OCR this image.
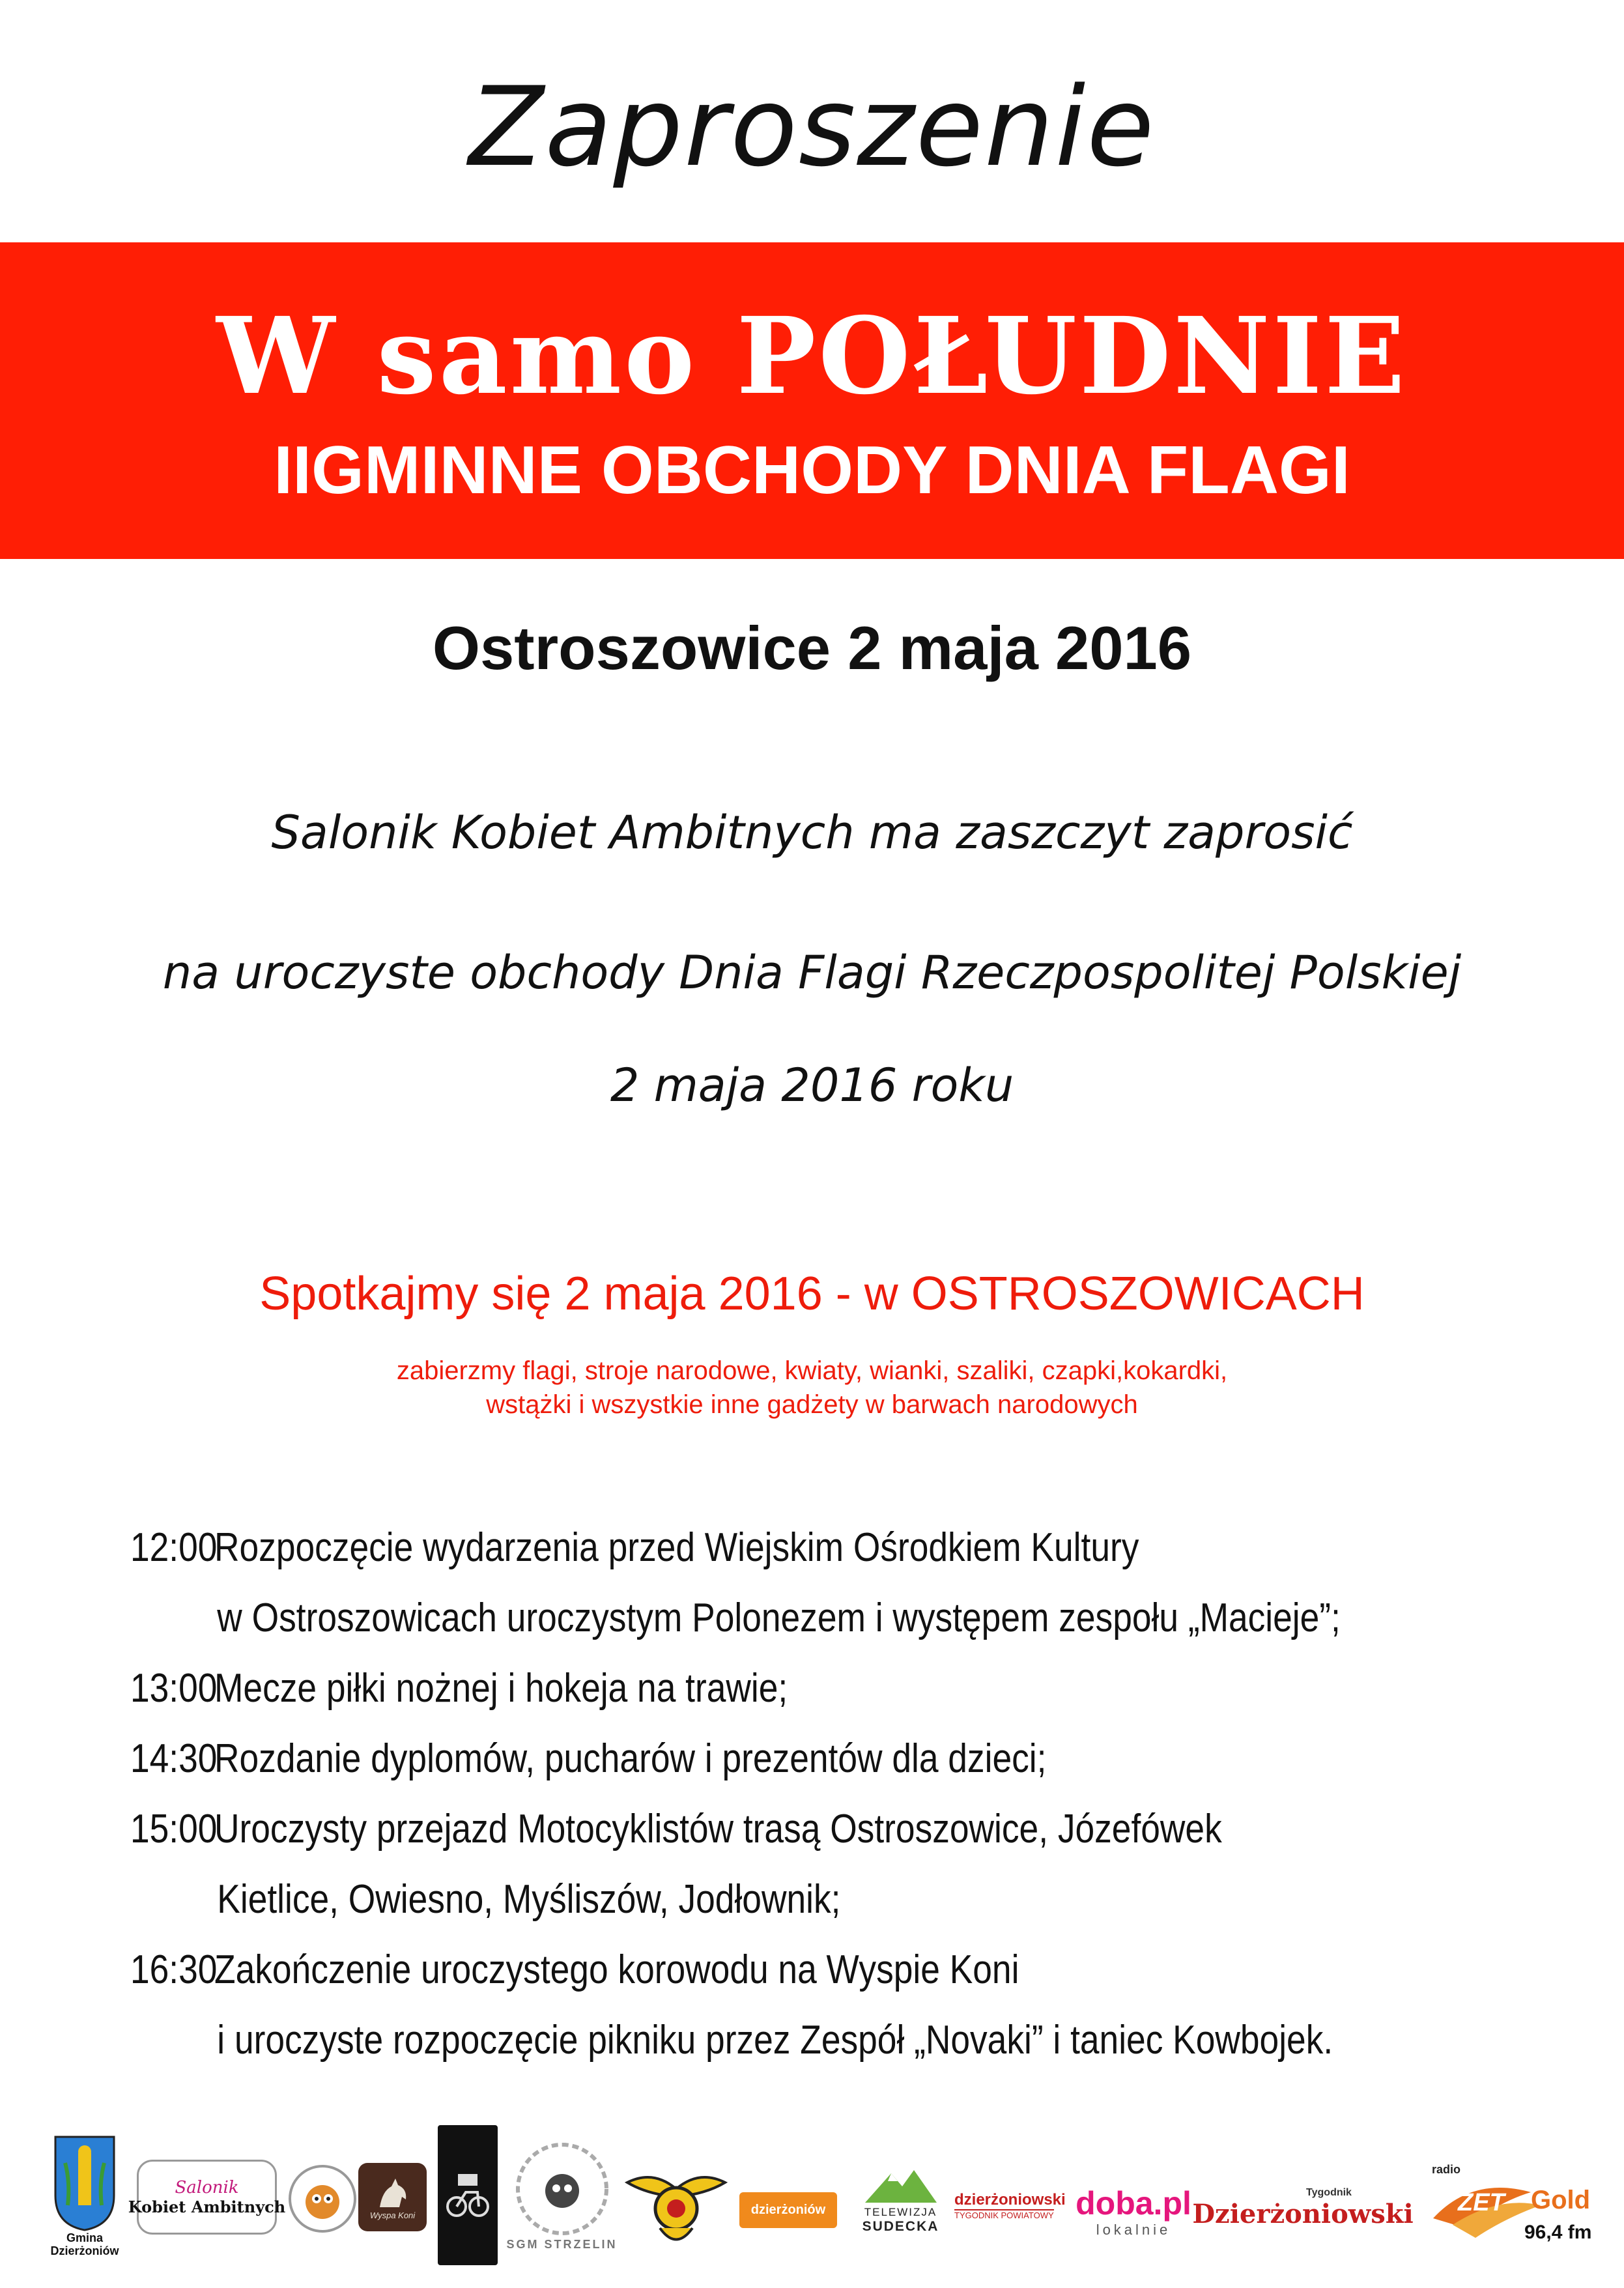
Zaproszenie
W samo POŁUDNIE
IIGMINNE OBCHODY DNIA FLAGI
Ostroszowice 2 maja 2016
Salonik Kobiet Ambitnych ma zaszczyt zaprosić
na uroczyste obchody Dnia Flagi Rzeczpospolitej Polskiej
2 maja 2016 roku
Spotkajmy się 2 maja 2016 - w OSTROSZOWICACH
zabierzmy flagi, stroje narodowe, kwiaty, wianki, szaliki, czapki,kokardki,
wstążki i wszystkie inne gadżety w barwach narodowych
12:00
Rozpoczęcie wydarzenia przed Wiejskim Ośrodkiem Kultury
w Ostroszowicach uroczystym Polonezem i występem zespołu „Macieje”;
13:00
Mecze piłki nożnej i hokeja na trawie;
14:30
Rozdanie dyplomów, pucharów i prezentów dla dzieci;
15:00
Uroczysty przejazd Motocyklistów trasą Ostroszowice, Józefówek
Kietlice, Owiesno, Myśliszów, Jodłownik;
16:30
Zakończenie uroczystego korowodu na Wyspie Koni
i uroczyste rozpoczęcie pikniku przez Zespół „Novaki” i taniec Kowbojek.
Gmina Dzierżoniów
Salonik
Kobiet Ambitnych	Wyspa Koni
SGM STRZELIN
dzierżoniów	TELEWIZJA
SUDECKA
dzierżoniowski
TYGODNIK POWIATOWY doba.pl
lokalnie
Tygodnik
Dzierżoniowski
radio
ZET Gold
96,4 fm
